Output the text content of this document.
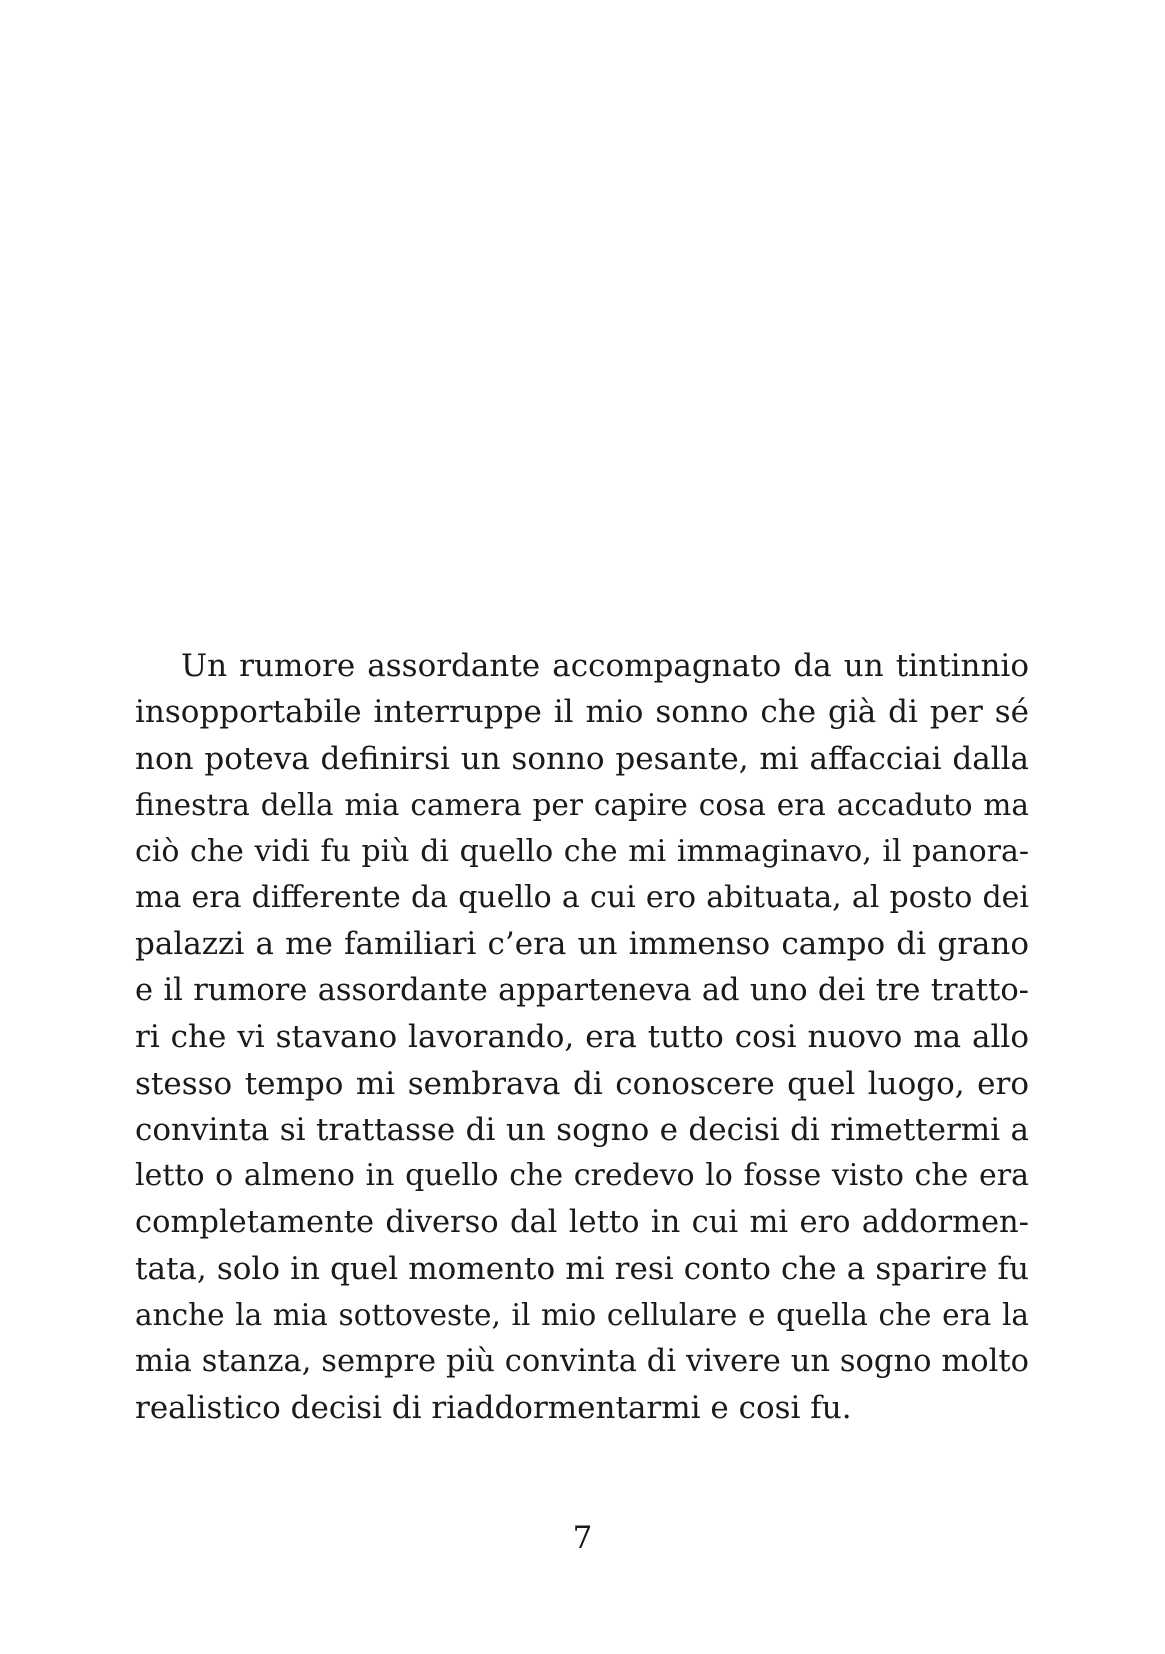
Un rumore assordante accompagnato da un tintinnio
insopportabile interruppe il mio sonno che già di per sé
non poteva definirsi un sonno pesante, mi affacciai dalla
finestra della mia camera per capire cosa era accaduto ma
ciò che vidi fu più di quello che mi immaginavo, il panora-
ma era differente da quello a cui ero abituata, al posto dei
palazzi a me familiari c’era un immenso campo di grano
e il rumore assordante apparteneva ad uno dei tre tratto-
ri che vi stavano lavorando, era tutto cosi nuovo ma allo
stesso tempo mi sembrava di conoscere quel luogo, ero
convinta si trattasse di un sogno e decisi di rimettermi a
letto o almeno in quello che credevo lo fosse visto che era
completamente diverso dal letto in cui mi ero addormen-
tata, solo in quel momento mi resi conto che a sparire fu
anche la mia sottoveste, il mio cellulare e quella che era la
mia stanza, sempre più convinta di vivere un sogno molto
realistico decisi di riaddormentarmi e cosi fu.
7
